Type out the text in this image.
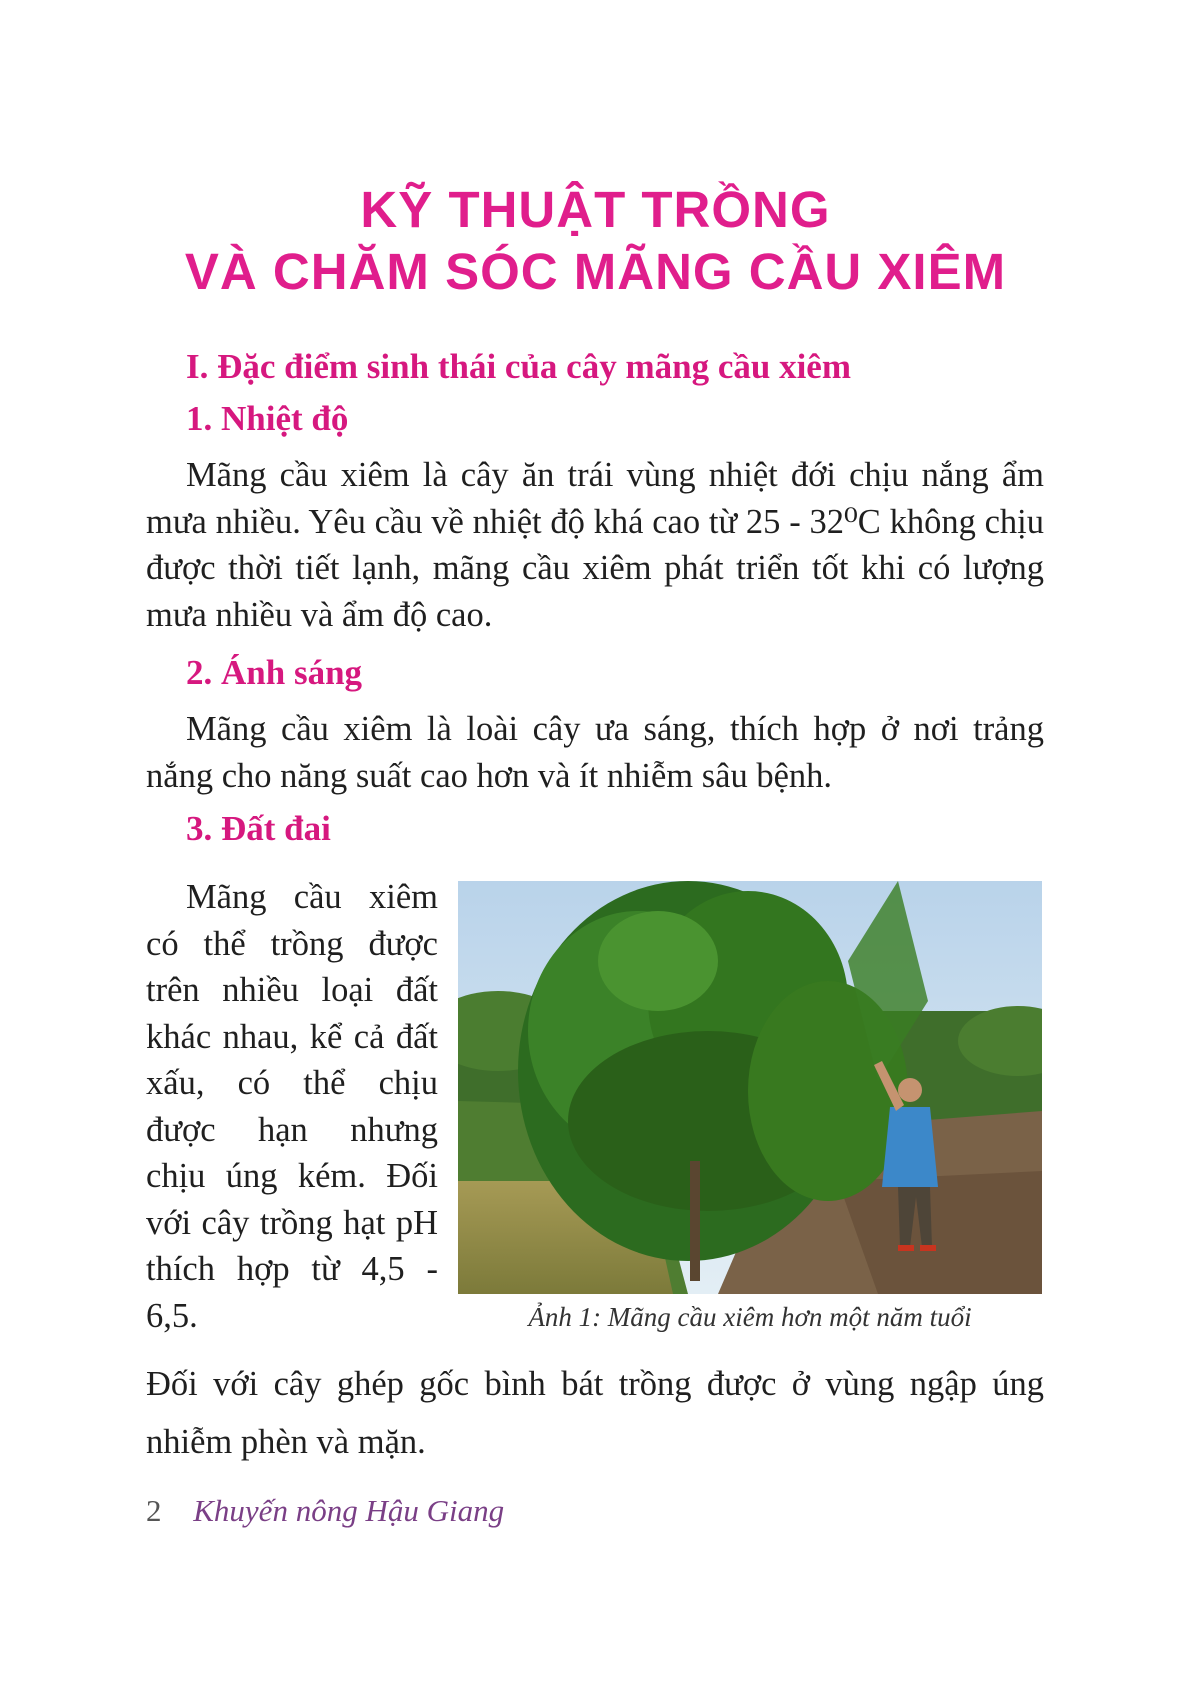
KỸ THUẬT TRỒNG
VÀ CHĂM SÓC MÃNG CẦU XIÊM
I. Đặc điểm sinh thái của cây mãng cầu xiêm
1. Nhiệt độ

Mãng cầu xiêm là cây ăn trái vùng nhiệt đới chịu nắng ẩm mưa nhiều. Yêu cầu về nhiệt độ khá cao từ 25 - 32⁰C không chịu được thời tiết lạnh, mãng cầu xiêm phát triển tốt khi có lượng mưa nhiều và ẩm độ cao.

2. Ánh sáng

Mãng cầu xiêm là loài cây ưa sáng, thích hợp ở nơi trảng nắng cho năng suất cao hơn và ít nhiễm sâu bệnh.

3. Đất đai

Mãng cầu xiêm có thể trồng được trên nhiều loại đất khác nhau, kể cả đất xấu, có thể chịu được hạn nhưng chịu úng kém. Đối với cây trồng hạt pH thích hợp từ 4,5 - 6,5.	Ảnh 1: Mãng cầu xiêm hơn một năm tuổi

Đối với cây ghép gốc bình bát trồng được ở vùng ngập úng nhiễm phèn và mặn.

2 Khuyến nông Hậu Giang
